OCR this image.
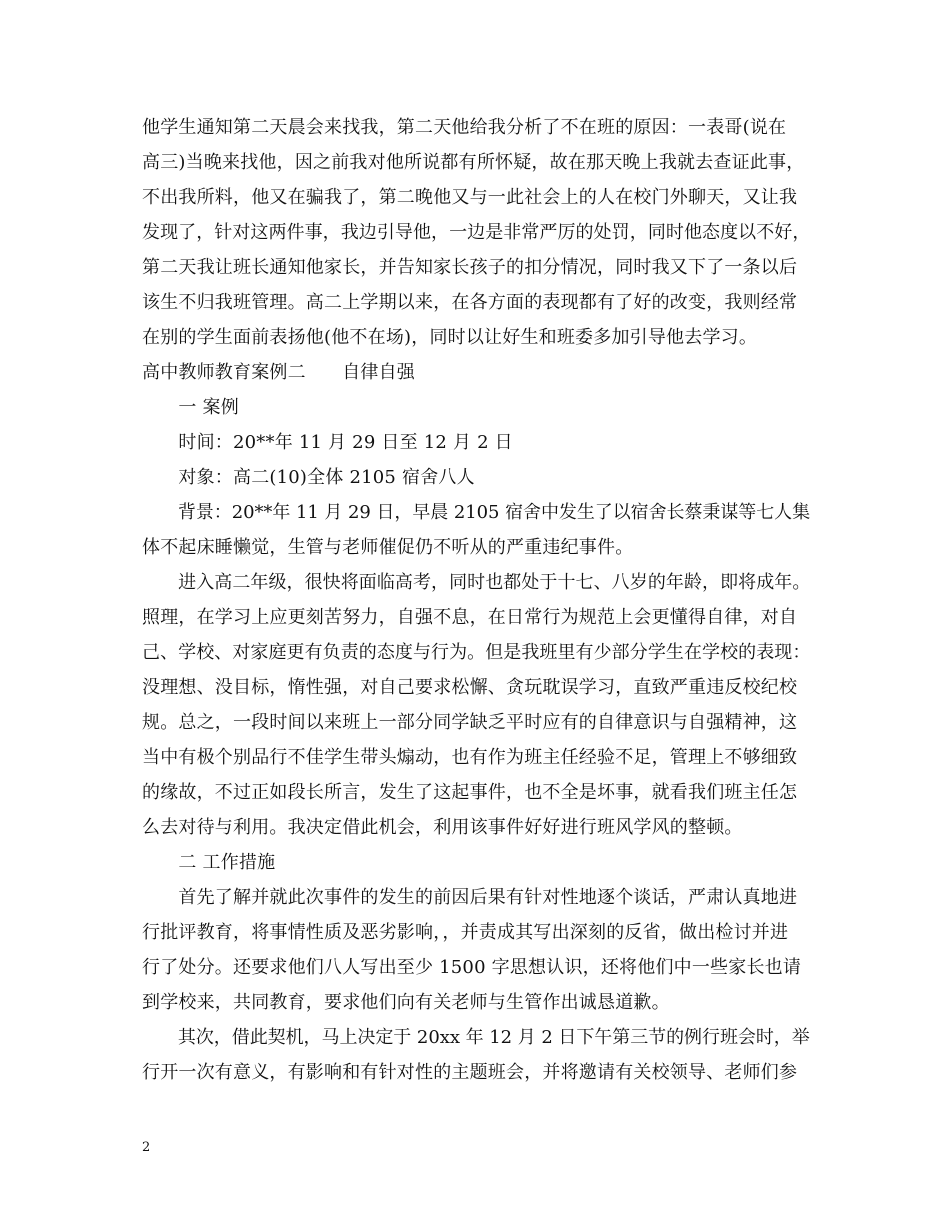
他学生通知第二天晨会来找我，第二天他给我分析了不在班的原因：一表哥(说在
高三)当晚来找他，因之前我对他所说都有所怀疑，故在那天晚上我就去查证此事，
不出我所料，他又在骗我了，第二晚他又与一此社会上的人在校门外聊天，又让我
发现了，针对这两件事，我边引导他，一边是非常严厉的处罚，同时他态度以不好，
第二天我让班长通知他家长，并告知家长孩子的扣分情况，同时我又下了一条以后
该生不归我班管理。高二上学期以来，在各方面的表现都有了好的改变，我则经常
在别的学生面前表扬他(他不在场)，同时以让好生和班委多加引导他去学习。
高中教师教育案例二　　自律自强
　　一 案例
　　时间：20**年 11 月 29 日至 12 月 2 日
　　对象：高二(10)全体 2105 宿舍八人
　　背景：20**年 11 月 29 日，早晨 2105 宿舍中发生了以宿舍长蔡秉谋等七人集
体不起床睡懒觉，生管与老师催促仍不听从的严重违纪事件。
　　进入高二年级，很快将面临高考，同时也都处于十七、八岁的年龄，即将成年。
照理，在学习上应更刻苦努力，自强不息，在日常行为规范上会更懂得自律，对自
己、学校、对家庭更有负责的态度与行为。但是我班里有少部分学生在学校的表现：
没理想、没目标，惰性强，对自己要求松懈、贪玩耽误学习，直致严重违反校纪校
规。总之，一段时间以来班上一部分同学缺乏平时应有的自律意识与自强精神，这
当中有极个别品行不佳学生带头煽动，也有作为班主任经验不足，管理上不够细致
的缘故，不过正如段长所言，发生了这起事件，也不全是坏事，就看我们班主任怎
么去对待与利用。我决定借此机会，利用该事件好好进行班风学风的整顿。
　　二 工作措施
　　首先了解并就此次事件的发生的前因后果有针对性地逐个谈话，严肃认真地进
行批评教育，将事情性质及恶劣影响，，并责成其写出深刻的反省，做出检讨并进
行了处分。还要求他们八人写出至少 1500 字思想认识，还将他们中一些家长也请
到学校来，共同教育，要求他们向有关老师与生管作出诚恳道歉。
　　其次，借此契机，马上决定于 20xx 年 12 月 2 日下午第三节的例行班会时，举
行开一次有意义，有影响和有针对性的主题班会，并将邀请有关校领导、老师们参
2
